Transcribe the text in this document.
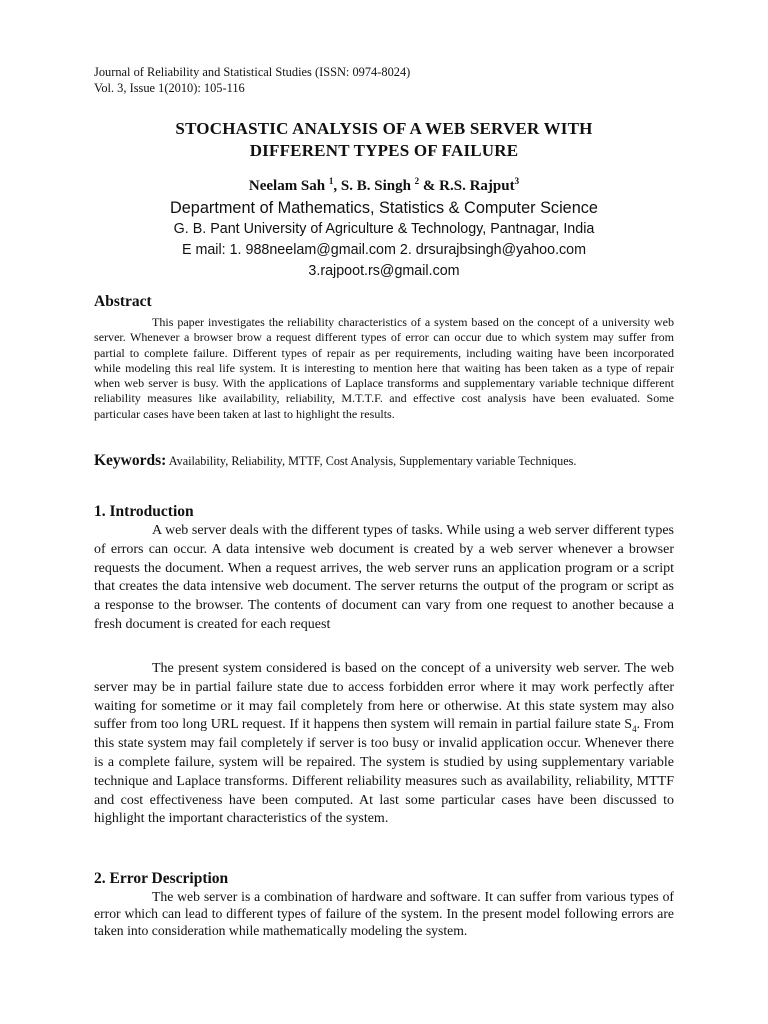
Journal of Reliability and Statistical Studies (ISSN: 0974-8024)
Vol. 3, Issue 1(2010): 105-116
STOCHASTIC ANALYSIS OF A WEB SERVER WITH
DIFFERENT TYPES OF FAILURE
Neelam Sah $^1$, S. B. Singh $^2$ & R.S. Rajput$^3$
Department of Mathematics, Statistics & Computer Science
G. B. Pant University of Agriculture & Technology, Pantnagar, India
E mail: 1. 988neelam@gmail.com 2. drsurajbsingh@yahoo.com
3.rajpoot.rs@gmail.com
Abstract
This paper investigates the reliability characteristics of a system based on the concept of a university web server. Whenever a browser brow a request different types of error can occur due to which system may suffer from partial to complete failure. Different types of repair as per requirements, including waiting have been incorporated while modeling this real life system. It is interesting to mention here that waiting has been taken as a type of repair when web server is busy. With the applications of Laplace transforms and supplementary variable technique different reliability measures like availability, reliability, M.T.T.F. and effective cost analysis have been evaluated. Some particular cases have been taken at last to highlight the results.
Keywords: Availability, Reliability, MTTF, Cost Analysis, Supplementary variable Techniques.
1. Introduction
A web server deals with the different types of tasks. While using a web server different types of errors can occur. A data intensive web document is created by a web server whenever a browser requests the document. When a request arrives, the web server runs an application program or a script that creates the data intensive web document. The server returns the output of the program or script as a response to the browser. The contents of document can vary from one request to another because a fresh document is created for each request
The present system considered is based on the concept of a university web server. The web server may be in partial failure state due to access forbidden error where it may work perfectly after waiting for sometime or it may fail completely from here or otherwise. At this state system may also suffer from too long URL request. If it happens then system will remain in partial failure state $S_4$. From this state system may fail completely if server is too busy or invalid application occur. Whenever there is a complete failure, system will be repaired. The system is studied by using supplementary variable technique and Laplace transforms. Different reliability measures such as availability, reliability, MTTF and cost effectiveness have been computed. At last some particular cases have been discussed to highlight the important characteristics of the system.
2. Error Description
The web server is a combination of hardware and software. It can suffer from various types of error which can lead to different types of failure of the system. In the present model following errors are taken into consideration while mathematically modeling the system.
